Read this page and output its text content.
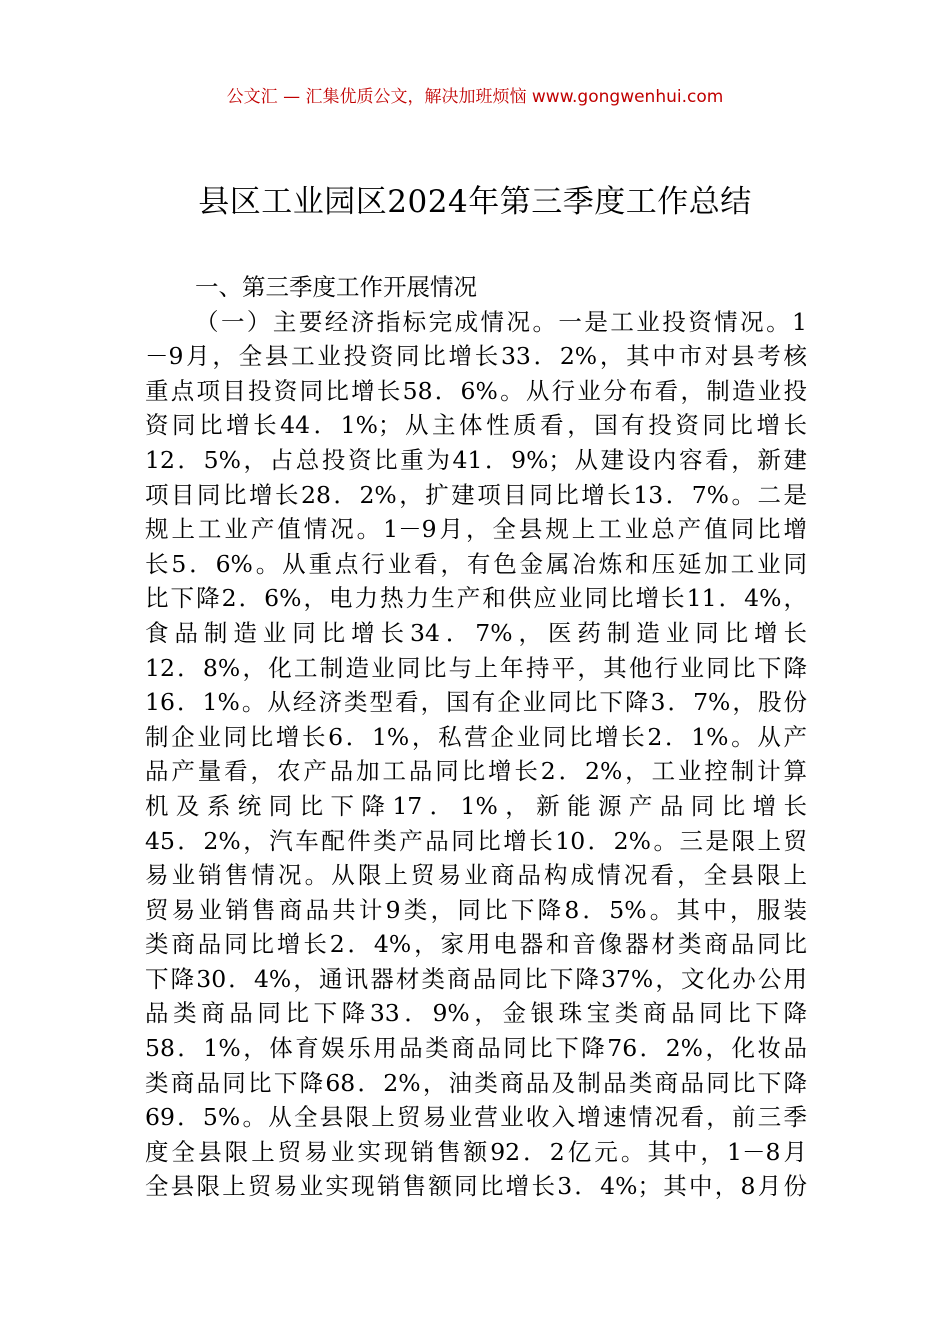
公文汇 — 汇集优质公文，解决加班烦恼 www.gongwenhui.com
县区工业园区2024年第三季度工作总结

一、第三季度工作开展情况

（一）主要经济指标完成情况。一是工业投资情况。1

－9月，全县工业投资同比增长33．2%，其中市对县考核

重点项目投资同比增长58．6%。从行业分布看，制造业投

资同比增长44．1%；从主体性质看，国有投资同比增长

12．5%，占总投资比重为41．9%；从建设内容看，新建

项目同比增长28．2%，扩建项目同比增长13．7%。二是

规上工业产值情况。1－9月，全县规上工业总产值同比增

长5．6%。从重点行业看，有色金属冶炼和压延加工业同

比下降2．6%，电力热力生产和供应业同比增长11．4%，

食品制造业同比增长34．7%，医药制造业同比增长

12．8%，化工制造业同比与上年持平，其他行业同比下降

16．1%。从经济类型看，国有企业同比下降3．7%，股份

制企业同比增长6．1%，私营企业同比增长2．1%。从产

品产量看，农产品加工品同比增长2．2%，工业控制计算

机及系统同比下降17．1%，新能源产品同比增长

45．2%，汽车配件类产品同比增长10．2%。三是限上贸

易业销售情况。从限上贸易业商品构成情况看，全县限上

贸易业销售商品共计9类，同比下降8．5%。其中，服装

类商品同比增长2．4%，家用电器和音像器材类商品同比

下降30．4%，通讯器材类商品同比下降37%，文化办公用

品类商品同比下降33．9%，金银珠宝类商品同比下降

58．1%，体育娱乐用品类商品同比下降76．2%，化妆品

类商品同比下降68．2%，油类商品及制品类商品同比下降

69．5%。从全县限上贸易业营业收入增速情况看，前三季

度全县限上贸易业实现销售额92．2亿元。其中，1－8月

全县限上贸易业实现销售额同比增长3．4%；其中，8月份
